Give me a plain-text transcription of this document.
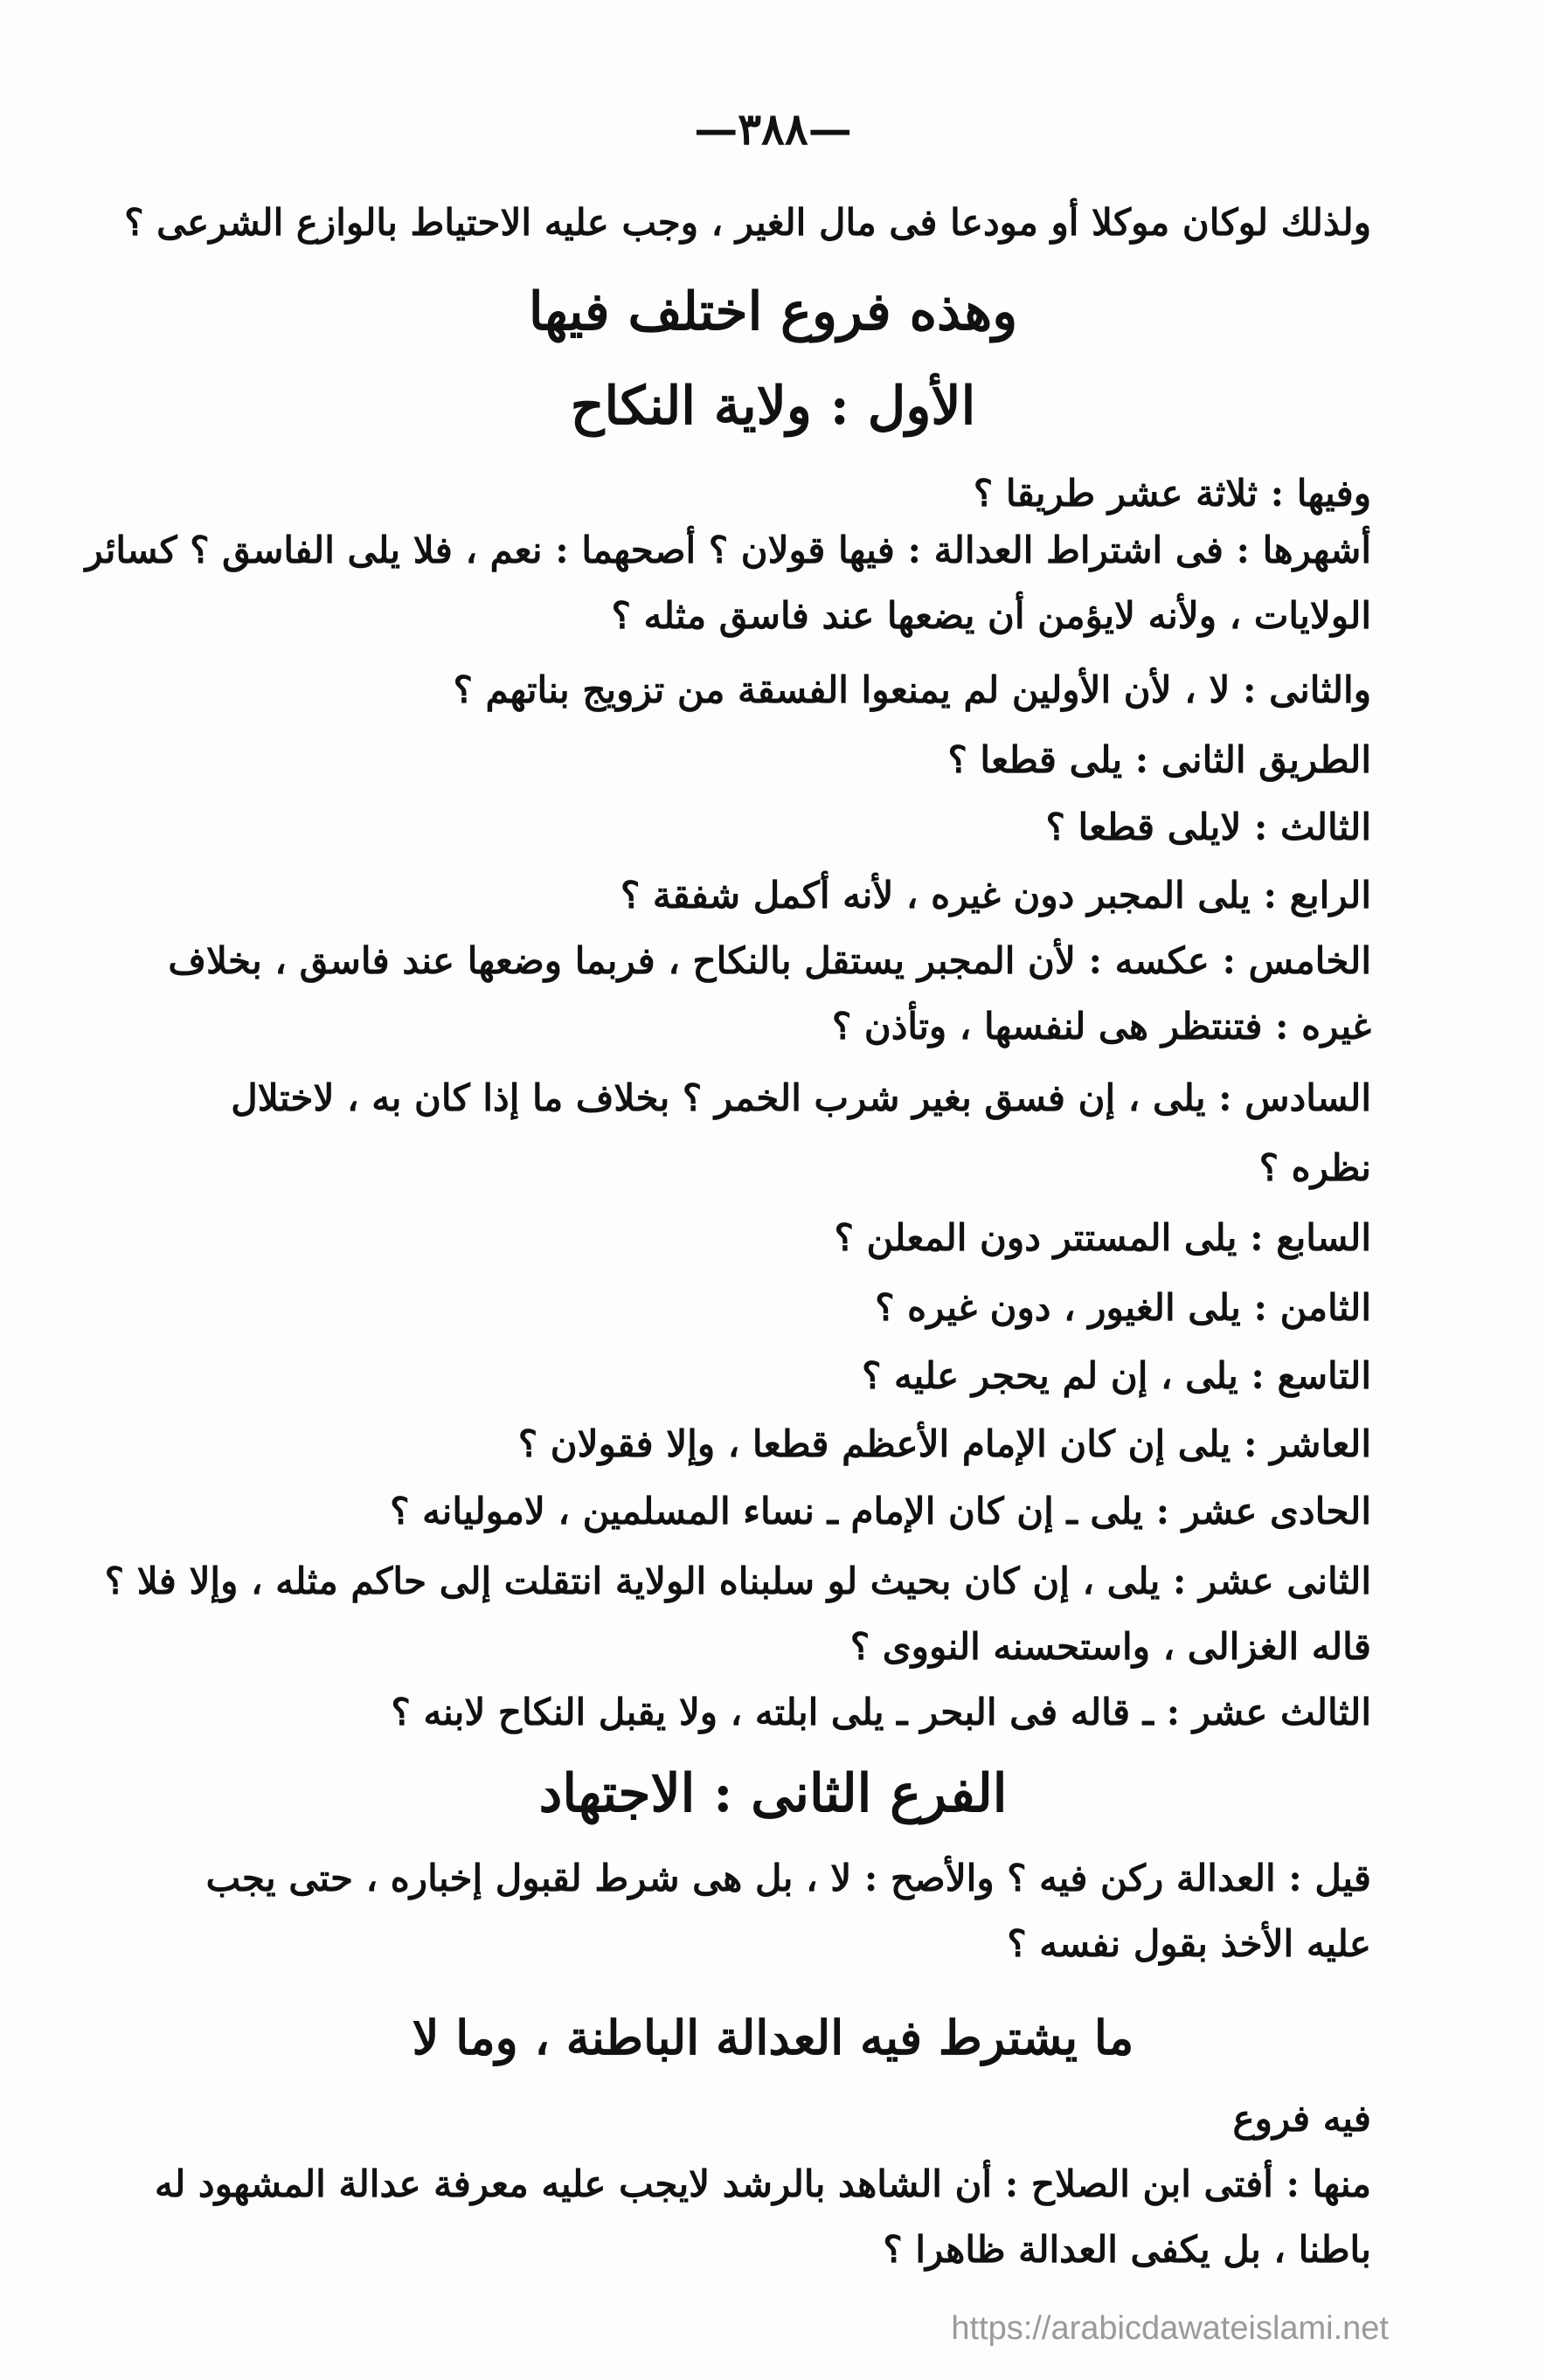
—٣٨٨—
ولذلك لوكان موكلا أو مودعا فى مال الغير ، وجب عليه الاحتياط بالوازع الشرعى ؟
وهذه فروع اختلف فيها
الأول : ولاية النكاح
وفيها : ثلاثة عشر طريقا ؟
أشهرها : فى اشتراط العدالة : فيها قولان ؟ أصحهما : نعم ، فلا يلى الفاسق ؟ كسائر
الولايات ، ولأنه لايؤمن أن يضعها عند فاسق مثله ؟
والثانى : لا ، لأن الأولين لم يمنعوا الفسقة من تزويج بناتهم ؟
الطريق الثانى : يلى قطعا ؟
الثالث : لايلى قطعا ؟
الرابع : يلى المجبر دون غيره ، لأنه أكمل شفقة ؟
الخامس : عكسه : لأن المجبر يستقل بالنكاح ، فربما وضعها عند فاسق ، بخلاف
غيره : فتنتظر هى لنفسها ، وتأذن ؟
السادس : يلى ، إن فسق بغير شرب الخمر ؟ بخلاف ما إذا كان به ، لاختلال
نظره ؟
السابع : يلى المستتر دون المعلن ؟
الثامن : يلى الغيور ، دون غيره ؟
التاسع : يلى ، إن لم يحجر عليه ؟
العاشر : يلى إن كان الإمام الأعظم قطعا ، وإلا فقولان ؟
الحادى عشر : يلى ـ إن كان الإمام ـ نساء المسلمين ، لاموليانه ؟
الثانى عشر : يلى ، إن كان بحيث لو سلبناه الولاية انتقلت إلى حاكم مثله ، وإلا فلا ؟
قاله الغزالى ، واستحسنه النووى ؟
الثالث عشر : ـ قاله فى البحر ـ يلى ابلته ، ولا يقبل النكاح لابنه ؟
الفرع الثانى : الاجتهاد
قيل : العدالة ركن فيه ؟ والأصح : لا ، بل هى شرط لقبول إخباره ، حتى يجب
عليه الأخذ بقول نفسه ؟
ما يشترط فيه العدالة الباطنة ، وما لا
فيه فروع
منها : أفتى ابن الصلاح : أن الشاهد بالرشد لايجب عليه معرفة عدالة المشهود له
باطنا ، بل يكفى العدالة ظاهرا ؟
https://arabicdawateislami.net
